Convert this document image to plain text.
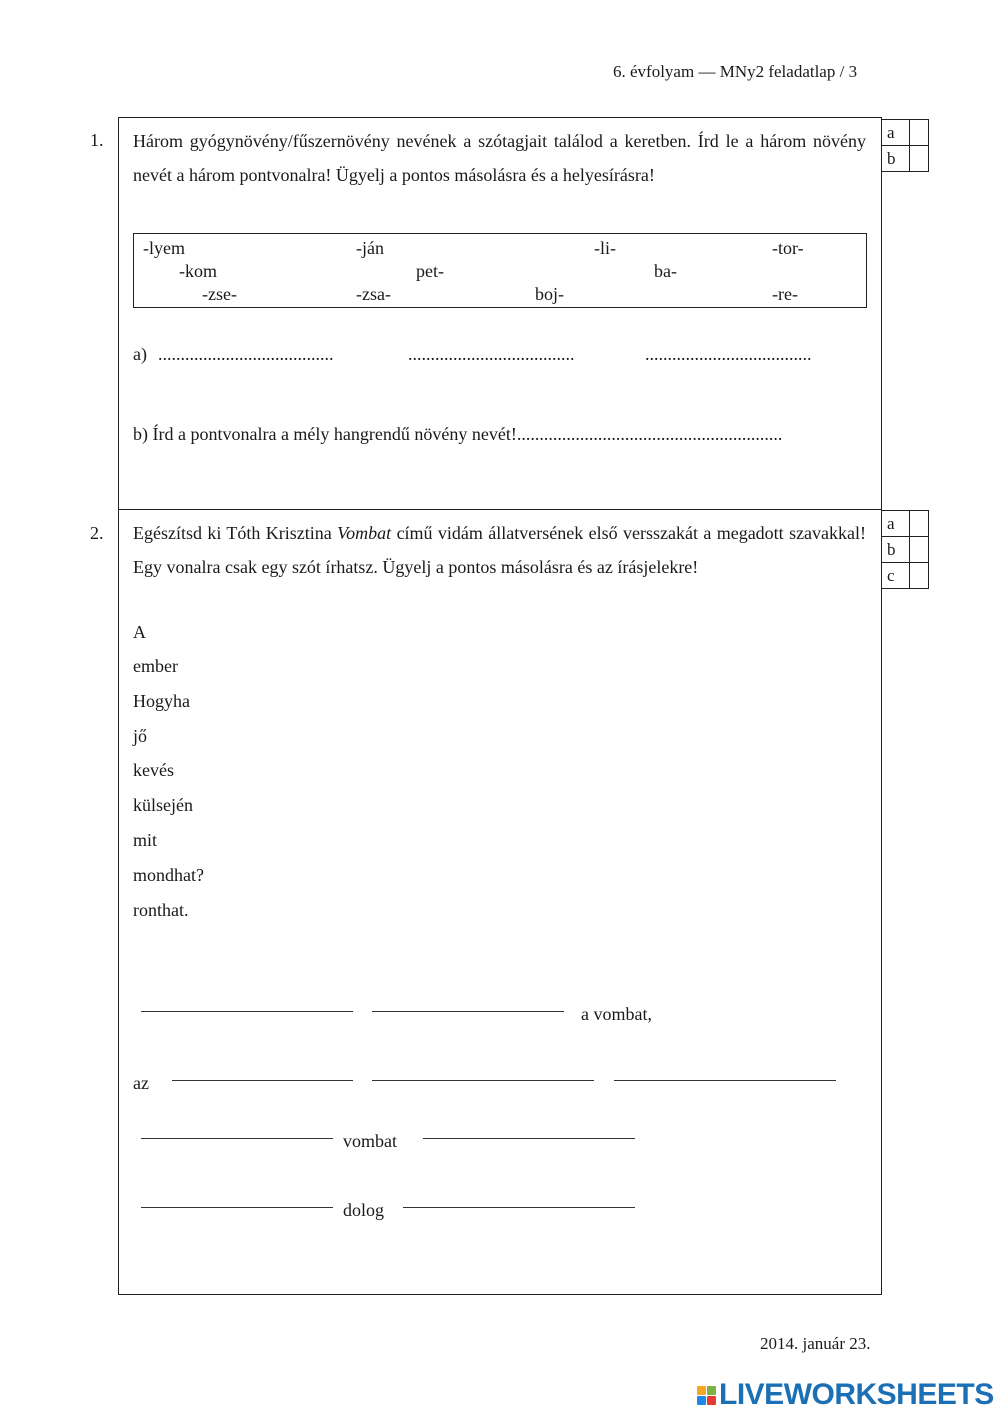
6. évfolyam — MNy2 feladatlap / 3
1. Három gyógynövény/fűszernövény nevének a szótagjait találod a keretben. Írd le a három növény nevét a három pontvonalra! Ügyelj a pontos másolásra és a helyesírásra!
a	
b	
-lyem	-ján	-li-	-tor-
-kom	pet-	ba-
-zse-	-zsa-	boj-	-re-
a) .......................................	.....................................	.....................................
b) Írd a pontvonalra a mély hangrendű növény nevét!...........................................................
2. Egészítsd ki Tóth Krisztina Vombat című vidám állatversének első versszakát a megadott szavakkal! Egy vonalra csak egy szót írhatsz. Ügyelj a pontos másolásra és az írásjelekre!
a	
b	
c	
A
ember
Hogyha
jő
kevés
külsején
mit
mondhat?
ronthat.
a vombat,
az
vombat
dolog
2014. január 23.
LIVEWORKSHEETS
